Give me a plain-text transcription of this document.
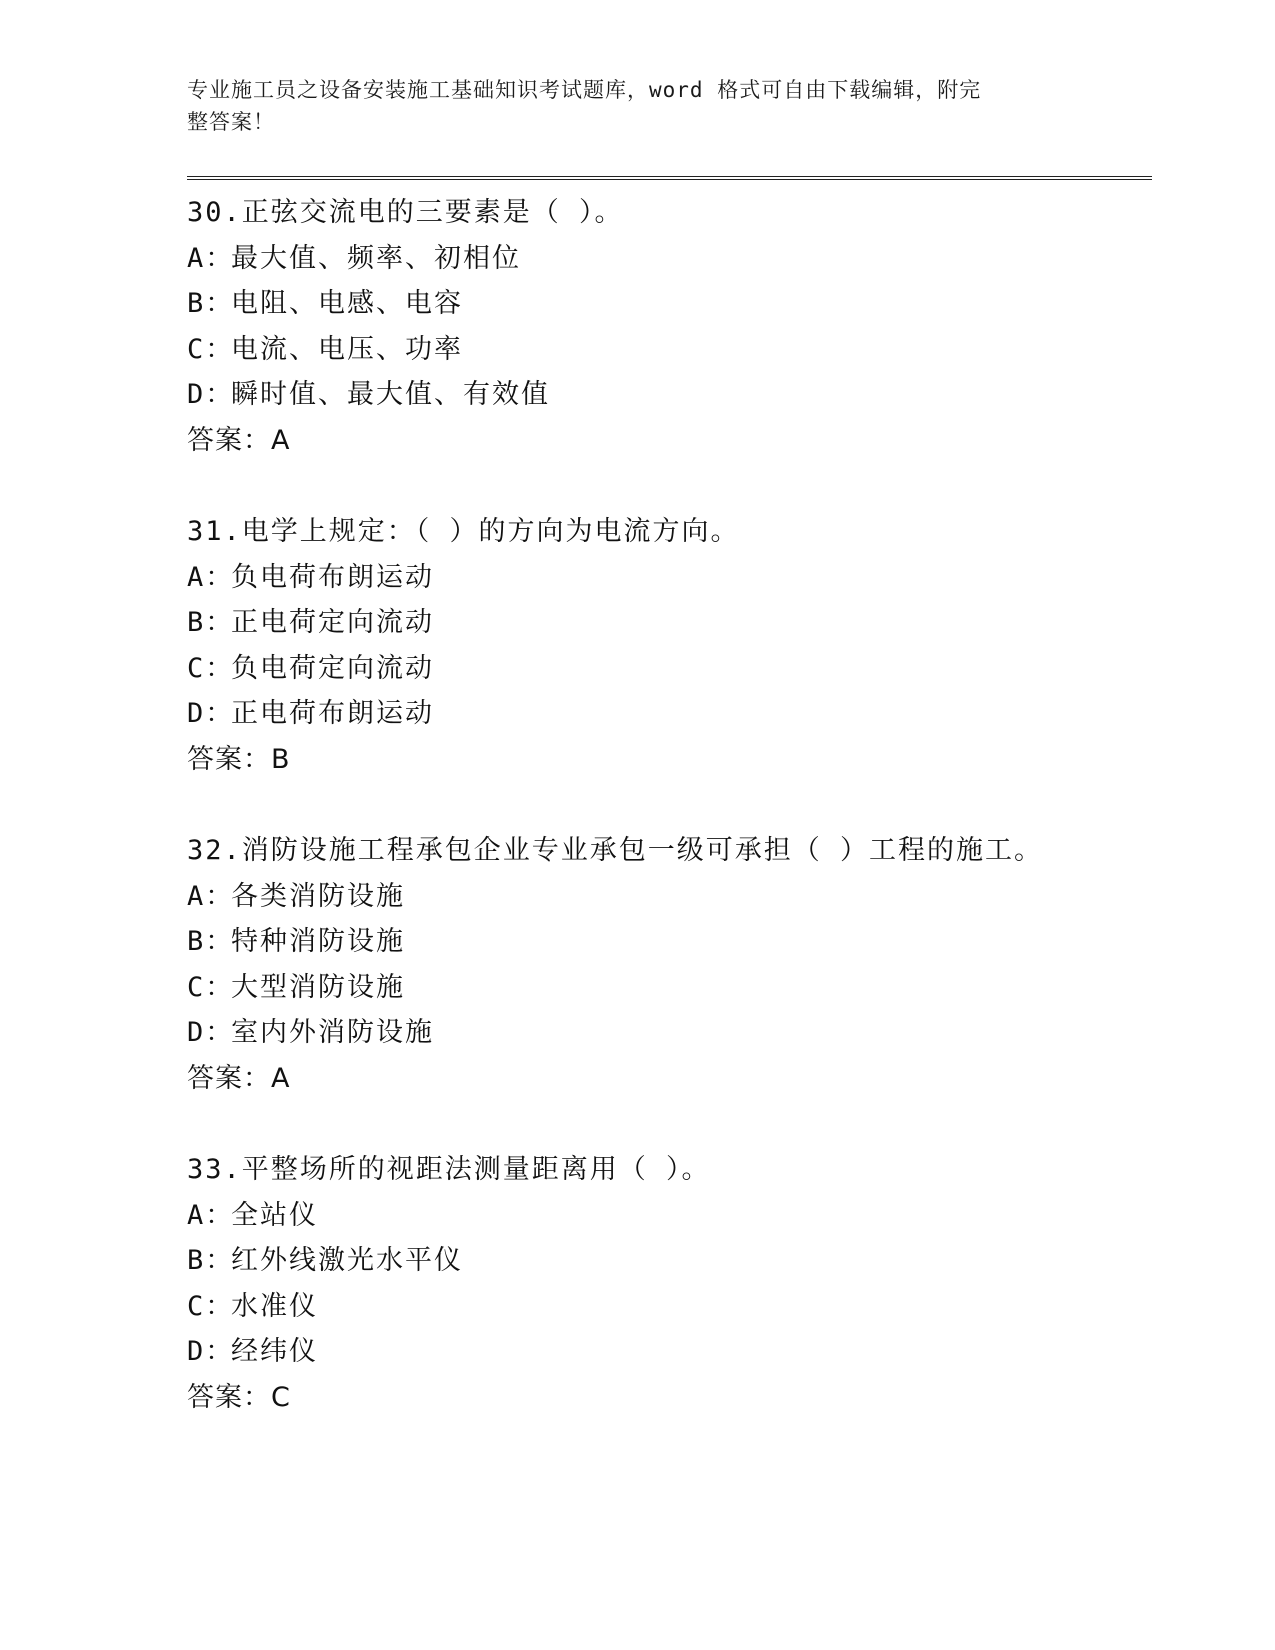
专业施工员之设备安装施工基础知识考试题库，word 格式可自由下载编辑，附完
整答案！
30.正弦交流电的三要素是（ ）。
A：最大值、频率、初相位
B：电阻、电感、电容
C：电流、电压、功率
D：瞬时值、最大值、有效值
答案：A
31.电学上规定：（ ）的方向为电流方向。
A：负电荷布朗运动
B：正电荷定向流动
C：负电荷定向流动
D：正电荷布朗运动
答案：B
32.消防设施工程承包企业专业承包一级可承担（ ）工程的施工。
A：各类消防设施
B：特种消防设施
C：大型消防设施
D：室内外消防设施
答案：A
33.平整场所的视距法测量距离用（ ）。
A：全站仪
B：红外线激光水平仪
C：水准仪
D：经纬仪
答案：C
